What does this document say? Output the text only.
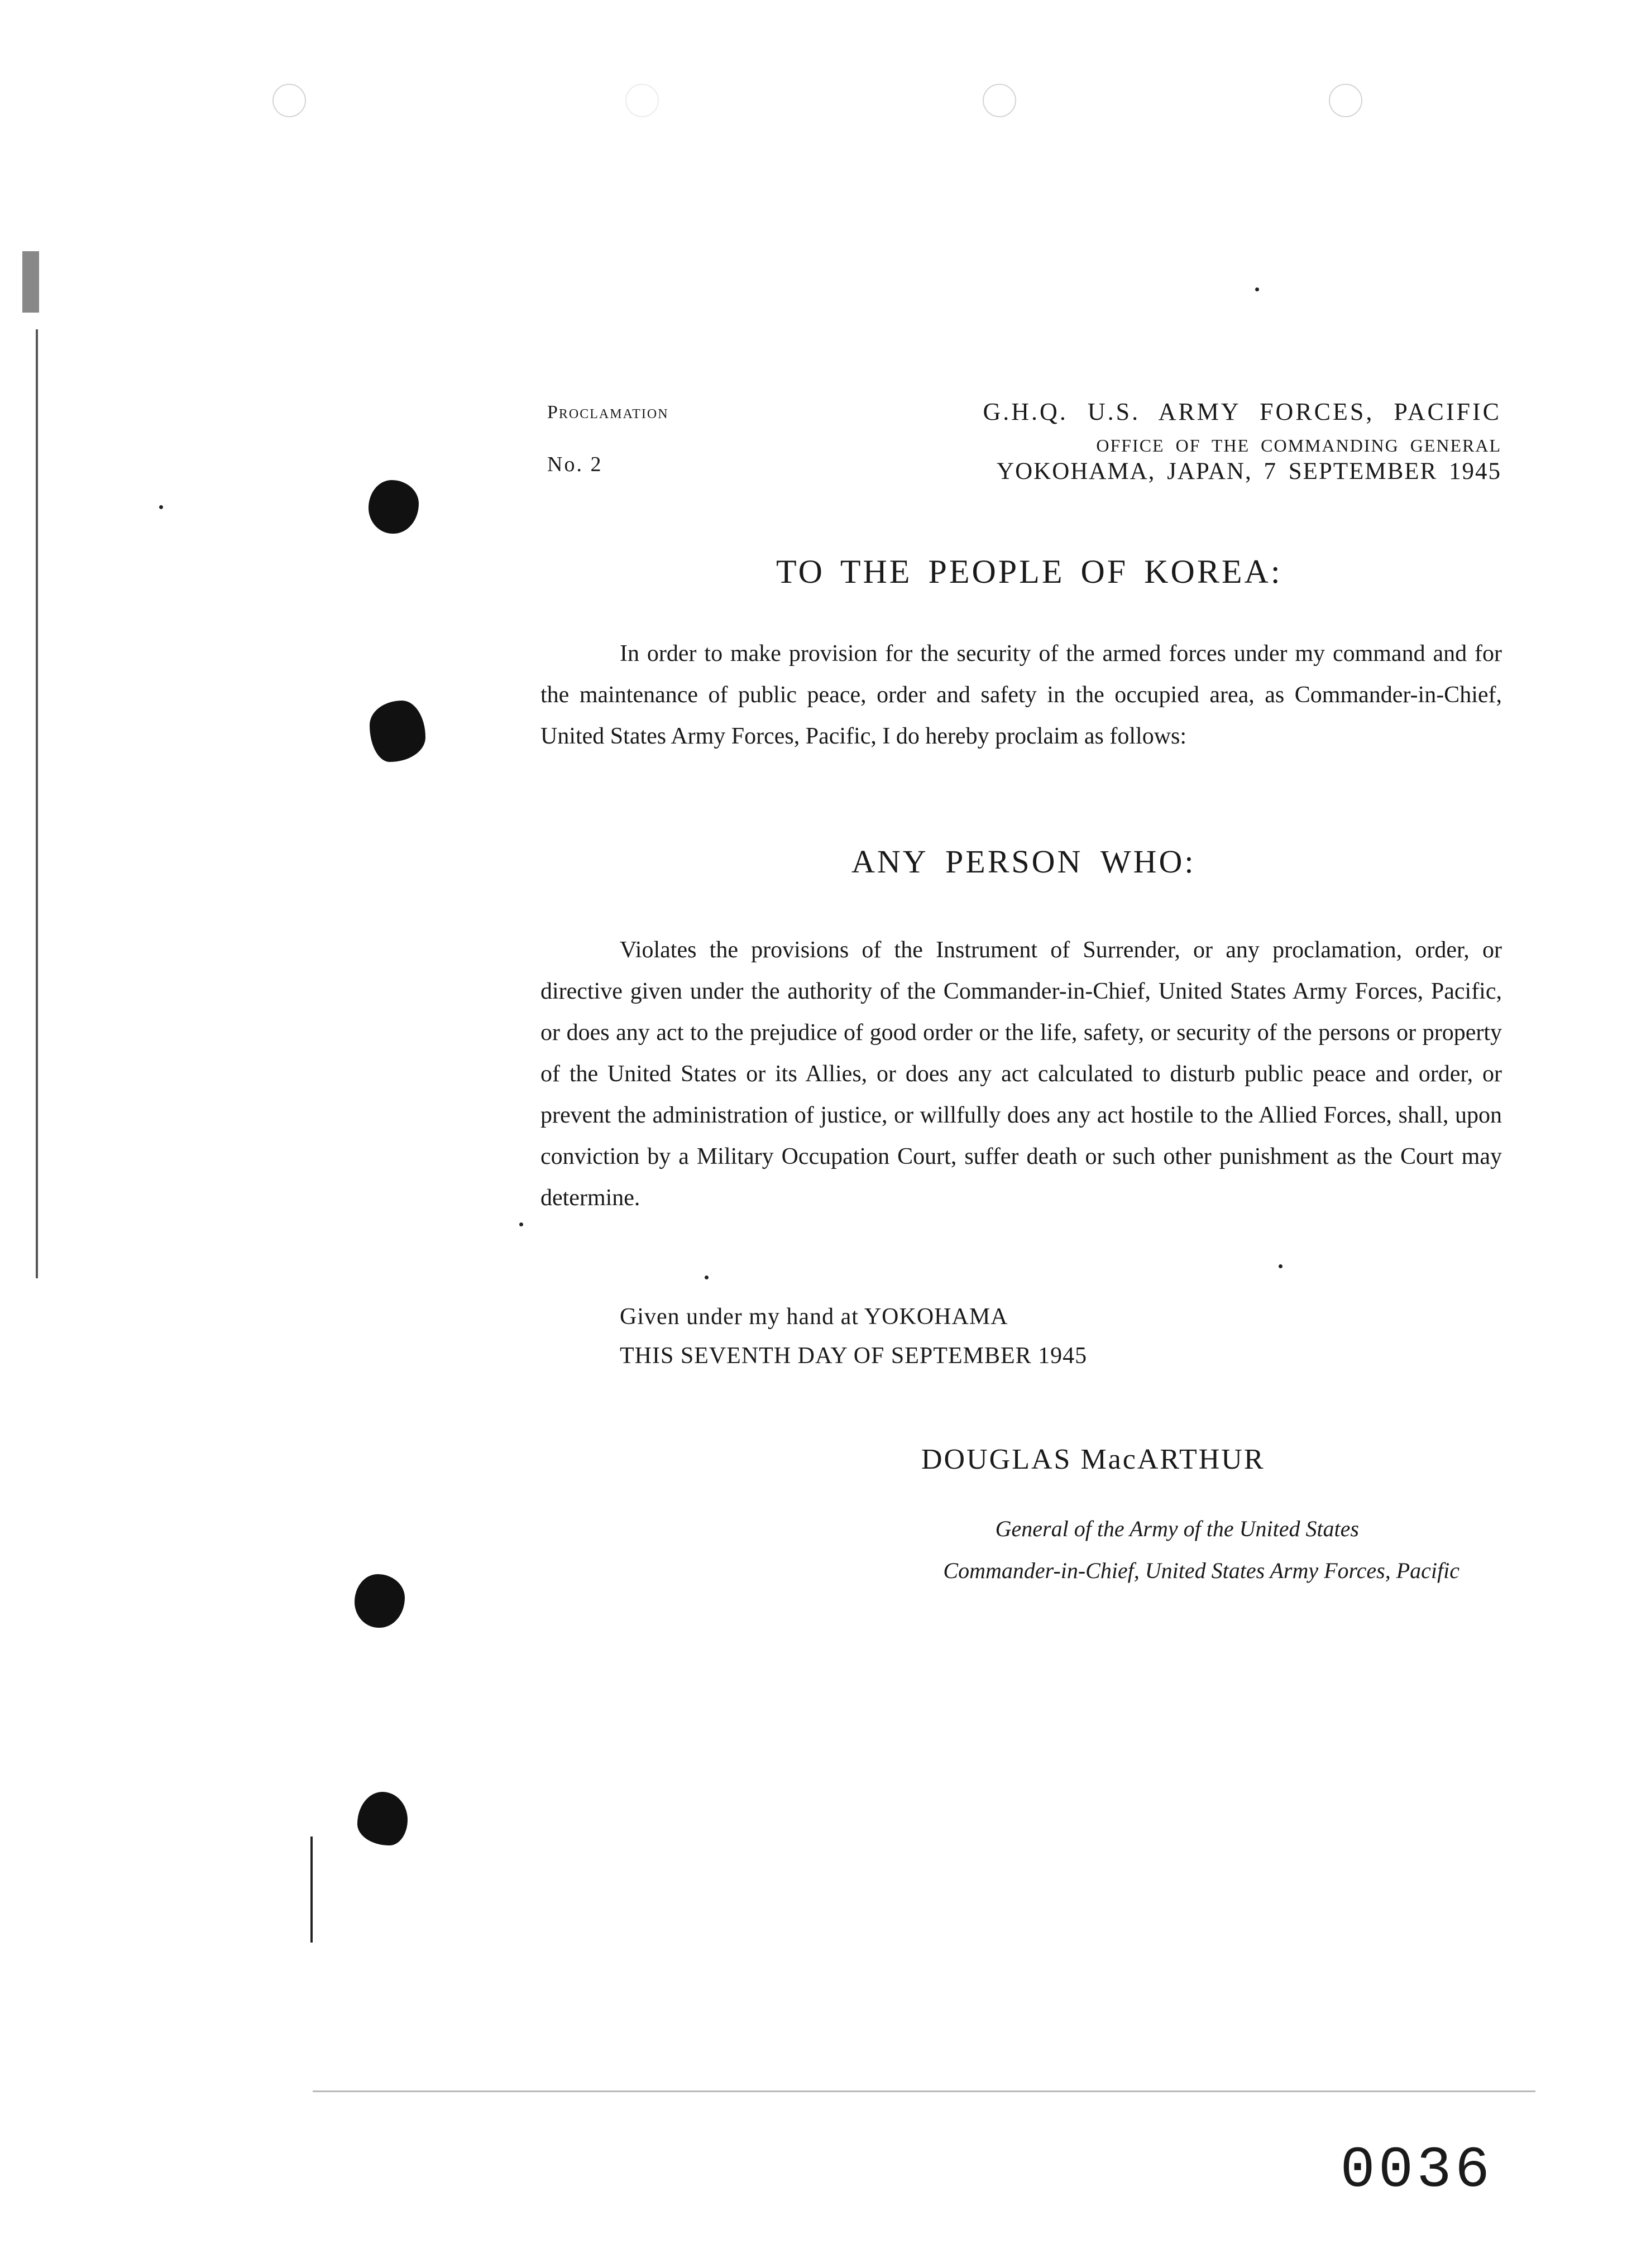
Proclamation
No. 2
G.H.Q. U.S. ARMY FORCES, PACIFIC
OFFICE OF THE COMMANDING GENERAL
YOKOHAMA, JAPAN, 7 SEPTEMBER 1945
TO THE PEOPLE OF KOREA:
In order to make provision for the security of the armed forces under my command and for the maintenance of public peace, order and safety in the occupied area, as Commander-in-Chief, United States Army Forces, Pacific, I do hereby proclaim as follows:
ANY PERSON WHO:
Violates the provisions of the Instrument of Surrender, or any proclamation, order, or directive given under the authority of the Commander-in-Chief, United States Army Forces, Pacific, or does any act to the prejudice of good order or the life, safety, or security of the persons or property of the United States or its Allies, or does any act calculated to disturb public peace and order, or prevent the administration of justice, or willfully does any act hostile to the Allied Forces, shall, upon conviction by a Military Occupation Court, suffer death or such other punishment as the Court may determine.
Given under my hand at YOKOHAMA
THIS SEVENTH DAY OF SEPTEMBER 1945
DOUGLAS MacARTHUR
General of the Army of the United States
Commander-in-Chief, United States Army Forces, Pacific
0036
